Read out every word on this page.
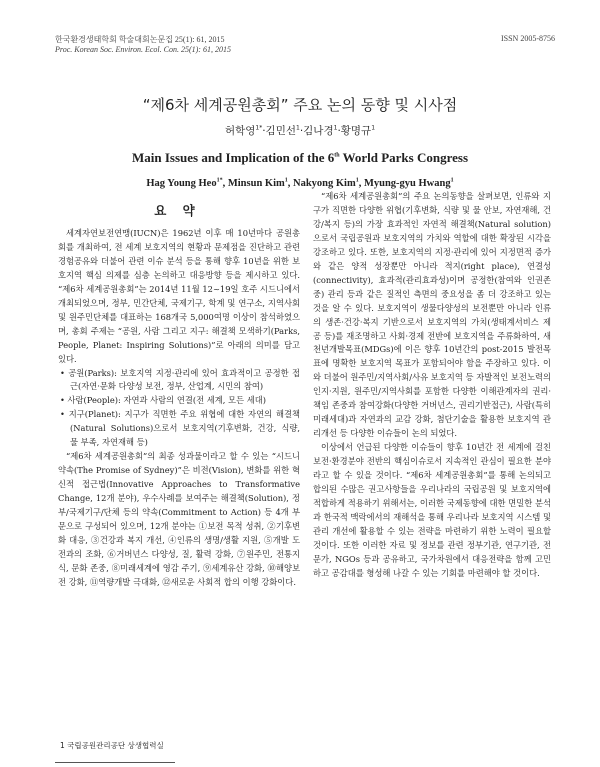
한국환경생태학회 학술대회논문집 25(1): 61, 2015
Proc. Korean Soc. Environ. Ecol. Con. 25(1): 61, 2015
ISSN 2005-8756
“제6차 세계공원총회” 주요 논의 동향 및 시사점
허학영$^{1*}$·김민선$^1$·김나경$^1$·황명규$^1$
Main Issues and Implication of the 6th World Parks Congress
Hag Young Heo$^{1*}$, Minsun Kim$^1$, Nakyong Kim$^1$, Myung-gyu Hwang$^1$
요 약

세계자연보전연맹(IUCN)은 1962년 이후 매 10년마다 공원총회를 개최하여, 전 세계 보호지역의 현황과 문제점을 진단하고 관련 경험공유와 더불어 관련 이슈 분석 등을 통해 향후 10년을 위한 보호지역 핵심 의제를 심층 논의하고 대응방향 등을 제시하고 있다. “제6차 세계공원총회”는 2014년 11월 12~19일 호주 시드니에서 개최되었으며, 정부, 민간단체, 국제기구, 학계 및 연구소, 지역사회 및 원주민단체를 대표하는 168개국 5,000여명 이상이 참석하였으며, 총회 주제는 “공원, 사람 그리고 지구: 해결책 모색하기(Parks, People, Planet: Inspiring Solutions)”로 아래의 의미를 담고 있다.

• 공원(Parks): 보호지역 지정·관리에 있어 효과적이고 공정한 접근(자연·문화 다양성 보전, 정부, 산업계, 시민의 참여)

• 사람(People): 자연과 사람의 연결(전 세계, 모든 세대)

• 지구(Planet): 지구가 직면한 주요 위협에 대한 자연의 해결책(Natural Solutions)으로서 보호지역(기후변화, 건강, 식량, 물 부족, 자연재해 등)

“제6차 세계공원총회”의 최종 성과물이라고 할 수 있는 “시드니 약속(The Promise of Sydney)”은 비전(Vision), 변화를 위한 혁신적 접근법(Innovative Approaches to Transformative Change, 12개 분야), 우수사례를 보여주는 해결책(Solution), 정부/국제기구/단체 등의 약속(Commitment to Action) 등 4개 부문으로 구성되어 있으며, 12개 분야는 ①보전 목적 성취, ②기후변화 대응, ③건강과 복지 개선, ④인류의 생명/생활 지원, ⑤개발 도전과의 조화, ⑥거버넌스 다양성, 질, 활력 강화, ⑦원주민, 전통지식, 문화 존중, ⑧미래세계에 영감 주기, ⑨세계유산 강화, ⑩해양보전 강화, ⑪역량개발 극대화, ⑫새로운 사회적 합의 이행 강화이다.

“제6차 세계공원총회”의 주요 논의동향을 살펴보면, 인류와 지구가 직면한 다양한 위협(기후변화, 식량 및 물 안보, 자연재해, 건강/복지 등)의 가장 효과적인 자연적 해결책(Natural solution)으로서 국립공원과 보호지역의 가치와 역할에 대한 확장된 시각을 강조하고 있다. 또한, 보호지역의 지정·관리에 있어 지정면적 증가와 같은 양적 성장뿐만 아니라 적지(right place), 연결성(connectivity), 효과적(관리효과성)이며 공정한(참여와 인권존중) 관리 등과 같은 질적인 측면의 중요성을 좀 더 강조하고 있는 것을 알 수 있다. 보호지역이 생물다양성의 보전뿐만 아니라 인류의 생존·건강·복지 기반으로서 보호지역의 가치(생태계서비스 제공 등)를 재조명하고 사회·경제 전반에 보호지역을 주류화하여, 새천년개발목표(MDGs)에 이은 향후 10년간의 post-2015 발전목표에 명확한 보호지역 목표가 포함되어야 함을 주장하고 있다. 이와 더불어 원주민/지역사회/사유 보호지역 등 자발적인 보전노력의 인지·지원, 원주민/지역사회를 포함한 다양한 이해관계자의 권리·책임 존중과 참여강화(다양한 거버넌스, 권리기반접근), 사람(특히 미래세대)과 자연과의 교감 강화, 첨단기술을 활용한 보호지역 관리개선 등 다양한 이슈들이 논의 되었다.

이상에서 언급된 다양한 이슈들이 향후 10년간 전 세계에 걸친 보전·환경분야 전반의 핵심이슈로서 지속적인 관심이 필요한 분야라고 할 수 있을 것이다. “제6차 세계공원총회”를 통해 논의되고 합의된 수많은 권고사항들을 우리나라의 국립공원 및 보호지역에 적합하게 적용하기 위해서는, 이러한 국제동향에 대한 면밀한 분석과 한국적 맥락에서의 재해석을 통해 우리나라 보호지역 시스템 및 관리 개선에 활용할 수 있는 전략을 마련하기 위한 노력이 필요할 것이다. 또한 이러한 자료 및 정보를 관련 정부기관, 연구기관, 전문가, NGOs 등과 공유하고, 국가차원에서 대응전략을 함께 고민하고 공감대를 형성해 나갈 수 있는 기회를 마련해야 할 것이다.

1 국립공원관리공단 상생협력실
